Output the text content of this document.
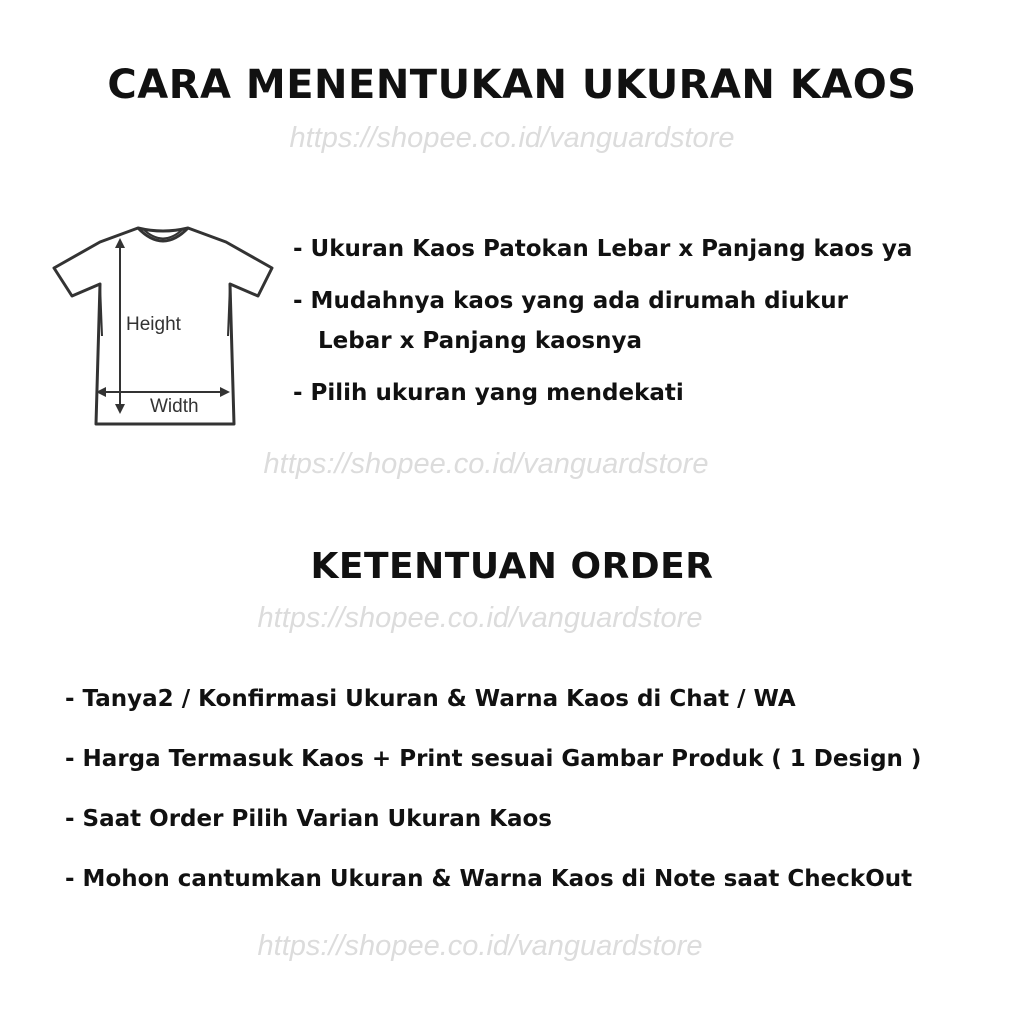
CARA MENENTUKAN UKURAN KAOS
https://shopee.co.id/vanguardstore
Height
Width
- Ukuran Kaos Patokan Lebar x Panjang kaos ya
- Mudahnya kaos yang ada dirumah diukur
Lebar x Panjang kaosnya
- Pilih ukuran yang mendekati
https://shopee.co.id/vanguardstore
KETENTUAN ORDER
https://shopee.co.id/vanguardstore
- Tanya2 / Konfirmasi Ukuran & Warna Kaos di Chat / WA
- Harga Termasuk Kaos + Print sesuai Gambar Produk ( 1 Design )
- Saat Order Pilih Varian Ukuran Kaos
- Mohon cantumkan Ukuran & Warna Kaos di Note saat CheckOut
https://shopee.co.id/vanguardstore
